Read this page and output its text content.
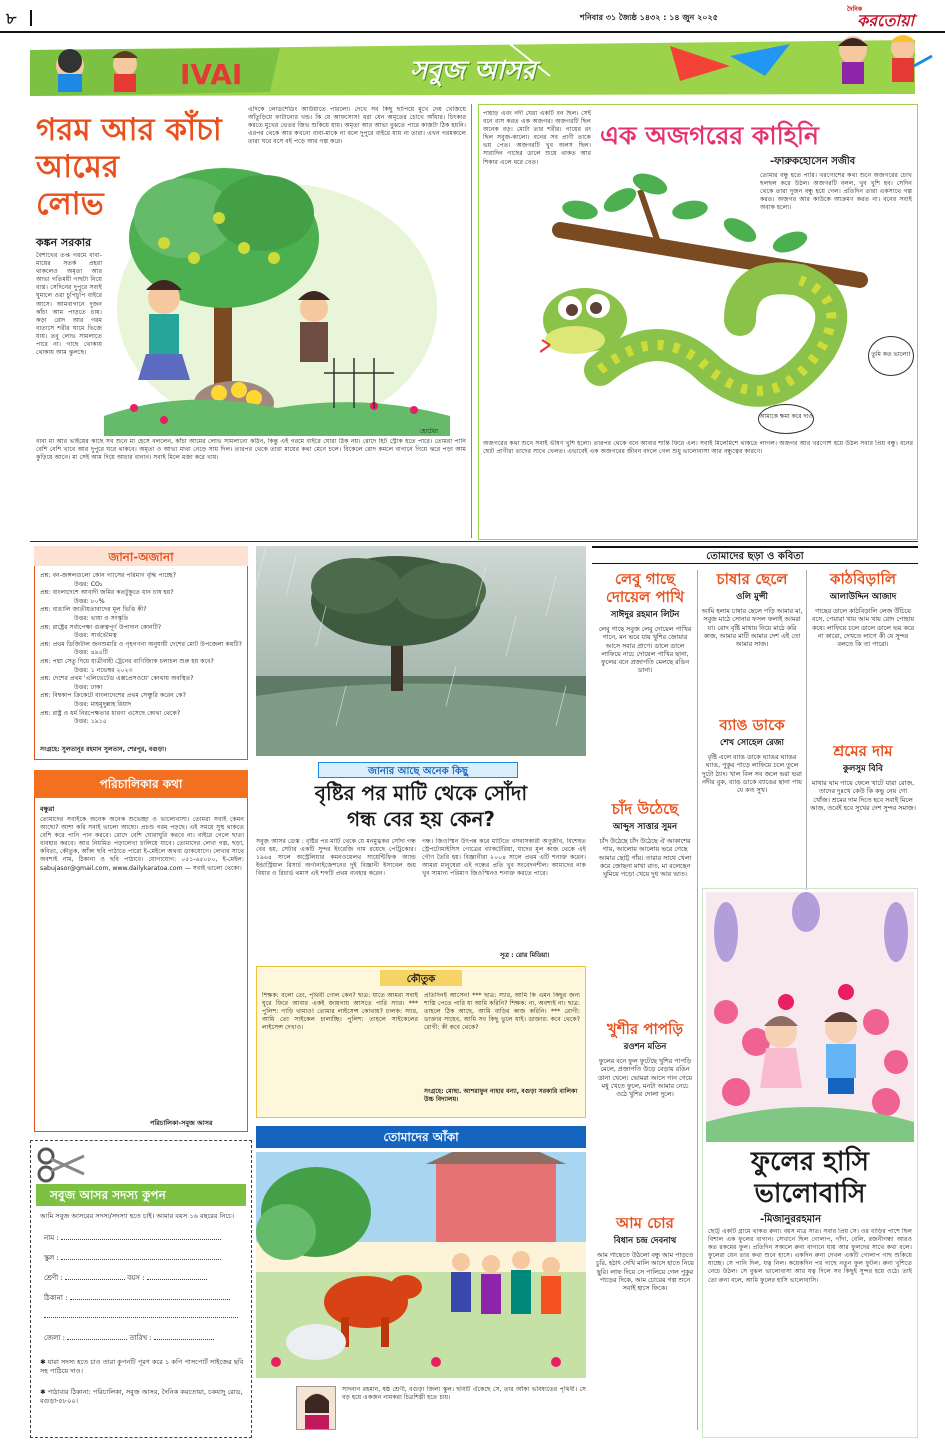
৮	শনিবার ৩১ জ্যৈষ্ঠ ১৪৩২ : ১৪ জুন ২০২৫
দৈনিক
করতোয়া
IVAI	সবুজ আসর
গরম আর কাঁচা
আমের
লোভ
কঙ্কন সরকার
বৈশাখের তপ্ত গরমে বাবা-মায়ের সতর্ক প্রহরা থাকলেও অমৃতা আর আভা গতিময়ী গাছটা নিয়ে ব্যস্ত। সেদিনের দুপুরে সবাই ঘুমালে ওরা চুপিচুপি বাইরে আসে। আমবাগানে দুজন কাঁচা আম পাড়তে চায়। কড়া রোদ আর গরম বাতাসে শরীর ঘামে ভিজে যায়। তবু লোভ সামলাতে পারে না। গাছে থোকায় থোকায় আম ঝুলছে।
এদিকে লোডশেডিং আউয়াতে পারলো। দেখে সব কিছু ছাপিয়ে মুখে দেয় খেজিয়ে আঁতুড়িয়ে ফাটানোর খন্ড। কি যে আফসোস! ধরা যেন অমৃতের চোখে আঁধার। চিৎকার করতে মুখের ভেতর জিভ শুকিয়ে যায়। অমৃতা আর আভা বুঝতে পারে কাজটা ঠিক হয়নি। এরপর থেকে আর কখনো বাবা-মাকে না বলে দুপুরে বাইরে যায় না তারা। এখন গরমকালে তারা ঘরে বসে বই পড়ে আর গল্প করে।
হোটেরা
বাবা মা আর ভাইয়ের কাছে সব শুনে মা হেসে বললেন, কাঁচা আমের লোভ সামলানো কঠিন, কিন্তু এই গরমে বাইরে ঘোরা ঠিক নয়। রোদে হিট স্ট্রোক হতে পারে। তোমরা পানি বেশি বেশি খাবে আর দুপুরে ঘরে থাকবে। অমৃতা ও আভা মাথা নেড়ে সায় দিল। তারপর থেকে তারা মায়ের কথা মেনে চলে। বিকেলে রোদ কমলে বাগানে গিয়ে ঝরে পড়া আম কুড়িয়ে আনে। মা সেই আম দিয়ে আচার বানান। সবাই মিলে মজা করে খায়।
পাহাড় এবং নদী ঘেরা একটি বন ছিল। সেই বনে বাস করত এক অজগর। অজগরটি ছিল অনেক বড়। মোটা তার শরীর। গায়ের রং ছিল সবুজ-কালো। বনের সব প্রাণী তাকে ভয় পেত। অজগরটি খুব অলস ছিল। সারাদিন গাছের ডালে শুয়ে থাকত আর শিকার এলে ধরে খেত।
এক অজগরের কাহিনি
-ফারুকহোসেন সজীব
তোমার বন্ধু হতে পারি। খরগোশের কথা শুনে অজগরের চোখ ছলছল করে উঠল। অজগরটি বলল, খুব খুশি হব। সেদিন থেকে তারা দুজন বন্ধু হয়ে গেল। প্রতিদিন তারা একসাথে গল্প করত। অজগর আর কাউকে আক্রমণ করত না। বনের সবাই অবাক হলো।
তুমি কত ভালো!
আমাকে ক্ষমা করে দাও
অজগরের কথা শুনে সবাই ভীষণ খুশি হলো। তারপর থেকে বনে আবার শান্তি ফিরে এল। সবাই মিলেমিশে থাকতে লাগল। অজগর আর খরগোশ হয়ে উঠল সবার প্রিয় বন্ধু। বনের ছোট প্রাণীরা তাদের সাথে খেলত। এভাবেই এক অজগরের জীবন বদলে গেল শুধু ভালোবাসা আর বন্ধুত্বের কারণে।
জানা-অজানা
প্রশ্ন: বন-জঙ্গলগুলো কোন গ্যাসের পরিমাণ বৃদ্ধি পাচ্ছে?
উত্তর: CO₂
প্রশ্ন: বাংলাদেশে আবাদী জমির কতটুকুতে ধান চাষ হয়?
উত্তর: ৮০%
প্রশ্ন: বাঙালি জাতীয়তাবাদের মূল ভিত্তি কী?
উত্তর: ভাষা ও সংস্কৃতি
প্রশ্ন: রাষ্ট্রের সর্বাপেক্ষা গুরুত্বপূর্ণ উপাদান কোনটি?
উত্তর: সার্বভৌমত্ব
প্রশ্ন: প্রথম ডিজিটাল জনশুমারি ও গৃহগণনা অনুযায়ী দেশের মোট উপজেলা কয়টি?
উত্তর: ৪৯৫টি
প্রশ্ন: পদ্মা সেতু দিয়ে যাত্রীবাহী ট্রেনের বাণিজ্যিক চলাচল শুরু হয় কবে?
উত্তর: ১ নভেম্বর ২০২৩
প্রশ্ন: দেশের প্রথম 'এলিভেটেড এক্সপ্রেসওয়ে' কোথায় অবস্থিত?
উত্তর: ঢাকা
প্রশ্ন: বিশ্বকাপ ক্রিকেটে বাংলাদেশের প্রথম সেঞ্চুরি করেন কে?
উত্তর: মাহমুদুল্লাহ রিয়াদ
প্রশ্ন: রাষ্ট্র ও ধর্ম নিরপেক্ষতার ধারণা এসেছে কোথা থেকে?
উত্তর: ১৯১৫
সংগ্রহে: সুলতানুর রহমান সুলতান, শেরপুর, বগুড়া।
পরিচালিকার কথা
বন্ধুরা
তোমাদের সবাইকে অনেক অনেক শুভেচ্ছা ও ভালোবাসা। তোমরা সবাই কেমন আছো? আশা করি সবাই ভালো আছো। প্রচণ্ড গরম পড়ছে। এই সময়ে সুস্থ থাকতে বেশি করে পানি পান করবে। রোদে বেশি ঘোরাঘুরি করবে না। বাইরে গেলে ছাতা ব্যবহার করবে। আর নিয়মিত পড়ালেখা চালিয়ে যাবে। তোমাদের লেখা গল্প, ছড়া, কবিতা, কৌতুক, আঁকা ছবি পাঠাতে পারো ই-মেইলে অথবা ডাকযোগে। লেখার সাথে অবশ্যই নাম, ঠিকানা ও ছবি পাঠাবে। যোগাযোগ: ০৫১-৬৫০৮০, ই-মেইল: sabujasor@gmail.com, www.dailykaratoa.com — সবাই ভালো থেকো।
পরিচালিকা-সবুজ আসর
সবুজ আসর সদস্য কুপন
আমি সবুজ আসরের সদস্য/সদস্যা হতে চাই। আমার বয়স ১৬ বছরের নিচে।
নাম :
স্কুল :
শ্রেণী :	বয়স :
ঠিকানা :
জেলা :	তারিখ :
✱ যারা সদস্য হতে চাও তারা কুপনটি পূরণ করে ১ কপি পাসপোর্ট সাইজের ছবি সহ পাঠিয়ে দাও।
✱ পাঠাবার ঠিকানা: পরিচালিকা, সবুজ আসর, দৈনিক করতোয়া, চকযাদু রোড, বগুড়া-৫৮০০।
জানার আছে অনেক কিছু
বৃষ্টির পর মাটি থেকে সোঁদা
গন্ধ বের হয় কেন?
সবুজ আসর ডেস্ক : বৃষ্টির পর মাটি থেকে যে মনমুগ্ধকর সোঁদা গন্ধ বের হয়, সেটার একটি সুন্দর ইংরেজি নাম রয়েছে পেট্রিকোর। ১৯৬৪ সালে অস্ট্রেলিয়ার কমনওয়েলথ সায়েন্টিফিক অ্যান্ড ইন্ডাস্ট্রিয়াল রিসার্চ অর্গানাইজেশনের দুই বিজ্ঞানী ইসাবেল জয় বিয়ার ও রিচার্ড থমাস এই শব্দটি প্রথম ব্যবহার করেন।
গন্ধ। জিওস্মিন উৎপন্ন করে মাটিতে বসবাসকারী অণুজীব, বিশেষত স্ট্রেপটোমাইসিস গোত্রের ব্যাকটেরিয়া, যাদের মূল কাজ থেকে এই গৌণ তৈরি হয়। বিজ্ঞানীরা ২০০৪ সালে প্রথম এটি শনাক্ত করেন। আমরা মানুষেরা এই গন্ধের প্রতি খুব সংবেদনশীল। আমাদের নাক খুব সামান্য পরিমাণ জিওস্মিনও শনাক্ত করতে পারে।
সূত্র : রোর মিডিয়া।
কৌতুক
শিক্ষক: বলো তো, পৃথিবী গোল কেন? ছাত্র: যাতে আমরা সবাই ঘুরে ফিরে আবার একই জায়গায় আসতে পারি স্যার। *** পুলিশ: গাড়ি থামাও! তোমার লাইসেন্স কোথায়? চালক: স্যার, আমি তো সাইকেল চালাচ্ছি। পুলিশ: তাহলে সাইকেলের লাইসেন্স দেখাও।
প্রতিদিনই আসেন! *** ছাত্র: স্যার, আমি কি এমন কিছুর জন্য শাস্তি পেতে পারি যা আমি করিনি? শিক্ষক: না, অবশ্যই না। ছাত্র: তাহলে ঠিক আছে, আমি বাড়ির কাজ করিনি। *** রোগী: ডাক্তার সাহেব, আমি সব কিছু ভুলে যাই। ডাক্তার: কবে থেকে? রোগী: কী কবে থেকে?
সংগ্রহে: মোছা. আশরাফুন নাহার বন্যা, বগুড়া সরকারি বালিকা উচ্চ বিদ্যালয়।
তোমাদের আঁকা
সাদনান রহমান, ষষ্ঠ শ্রেণী, বগুড়া জিলা স্কুল। ছবিটি এঁকেছে সে, তার আঁকা ভবিষ্যতের পৃথিবী। সে বড় হয়ে একজন নামকরা চিত্রশিল্পী হতে চায়।
তোমাদের ছড়া ও কবিতা
লেবু গাছে দোয়েল পাখি
সাঈদুর রহমান লিটন
লেবু গাছে সবুজ লেবু দোয়েল পাখির গানে, মন ভরে যায় খুশির জোয়ার আসে সবার প্রাণে। ডালে ডালে লাফিয়ে নাচে দোয়েল পাখির ছানা, ফুলের বনে প্রজাপতি মেলছে রঙিন ডানা।
চাঁদ উঠেছে
আব্দুস সাত্তার সুমন
চাঁদ উঠেছে চাঁদ উঠেছে ঐ আকাশের গায়, আলোয় আলোয় ভরে গেছে আমার ছোট্ট গাঁয়। তারার সাথে খেলা করে জোছনা মাখা রাত, মা বলেছেন ঘুমিয়ে পড়ো খেয়ে দুধ আর ভাত।
খুশীর পাপড়ি
রওশন মতিন
ফুলের বনে ফুল ফুটেছে খুশির পাপড়ি মেলে, প্রজাপতি উড়ে বেড়ায় রঙিন ডানা খেলে। ভোমরা আসে গান গেয়ে মধু খেতে ফুলে, মনটা আমার নেচে ওঠে খুশির দোলা দুলে।
আম চোর
বিধান চন্দ্র দেবনাথ
আম গাছেতে উঠলো বন্ধু আম পাড়তে চুরি, হঠাৎ দেখি মালি আসে হাতে নিয়ে ছুরি। লাফ দিয়ে সে পালিয়ে গেল পুকুর পাড়ের দিকে, আম চোরের গল্প শুনে সবাই হাসে ফিকে।
চাষার ছেলে
ওলি মুন্সী
আমি হলাম চাষার ছেলে পড়ি আমার মা, সবুজ মাঠে সোনার ফসল ফলাই আমরা যা। রোদ বৃষ্টি মাথায় নিয়ে মাঠে করি কাজ, আমার মাটি আমার দেশ এই তো আমার সাজ।
ব্যাঙ ডাকে
শেখ সোহেল রেজা
বৃষ্টি এলে ব্যাঙ ডাকে ঘ্যাঙর ঘ্যাঙর ঘ্যাঙ, পুকুর পাড়ে লাফিয়ে চলে তুলে দুটো ঠ্যাং। খাল বিল সব জলে ভরা ভরা নদীর বুক, ব্যাঙ ডাকে ব্যাঙের ছানা পায় যে কত সুখ।
কাঠবিড়ালি
আলাউদ্দিন আজাদ
গাছের ডালে কাঠবিড়ালি লেজ উঁচিয়ে বসে, পেয়ারা খায় আম খায় রোদ পোহায় কষে। লাফিয়ে চলে ডালে ডালে ভয় করে না কারো, দেখতে লাগে কী যে সুন্দর বলতে কি তা পারো।
শ্রমের দাম
কুলসুম বিবি
মাথার ঘাম পায়ে ফেলে খাটে যারা রোজ, তাদের দুঃখে কেউ কি কভু নেয় গো খোঁজ। শ্রমের দাম দিতে হবে সবাই মিলে আজ, তবেই হবে সুখের দেশ সুন্দর সমাজ।
ফুলের হাসি
ভালোবাসি
-মিজানুররহমান
ছোট্ট একটি গ্রামে থাকত রুনা। বয়স মাত্র সাত। সবার প্রিয় সে। ওর বাড়ির পাশে ছিল বিশাল এক ফুলের বাগান। সেখানে ছিল গোলাপ, গাঁদা, বেলি, রজনীগন্ধা আরও কত রকমের ফুল। প্রতিদিন সকালে রুনা বাগানে যায় আর ফুলদের সাথে কথা বলে। ফুলেরা যেন তার কথা শুনে হাসে। একদিন রুনা দেখল একটি গোলাপ গাছ শুকিয়ে যাচ্ছে। সে পানি দিল, যত্ন নিল। কয়েকদিন পর গাছে নতুন ফুল ফুটল। রুনা খুশিতে নেচে উঠল। সে বুঝল ভালোবাসা আর যত্ন দিলে সব কিছুই সুন্দর হয়ে ওঠে। তাই তো রুনা বলে, আমি ফুলের হাসি ভালোবাসি।
